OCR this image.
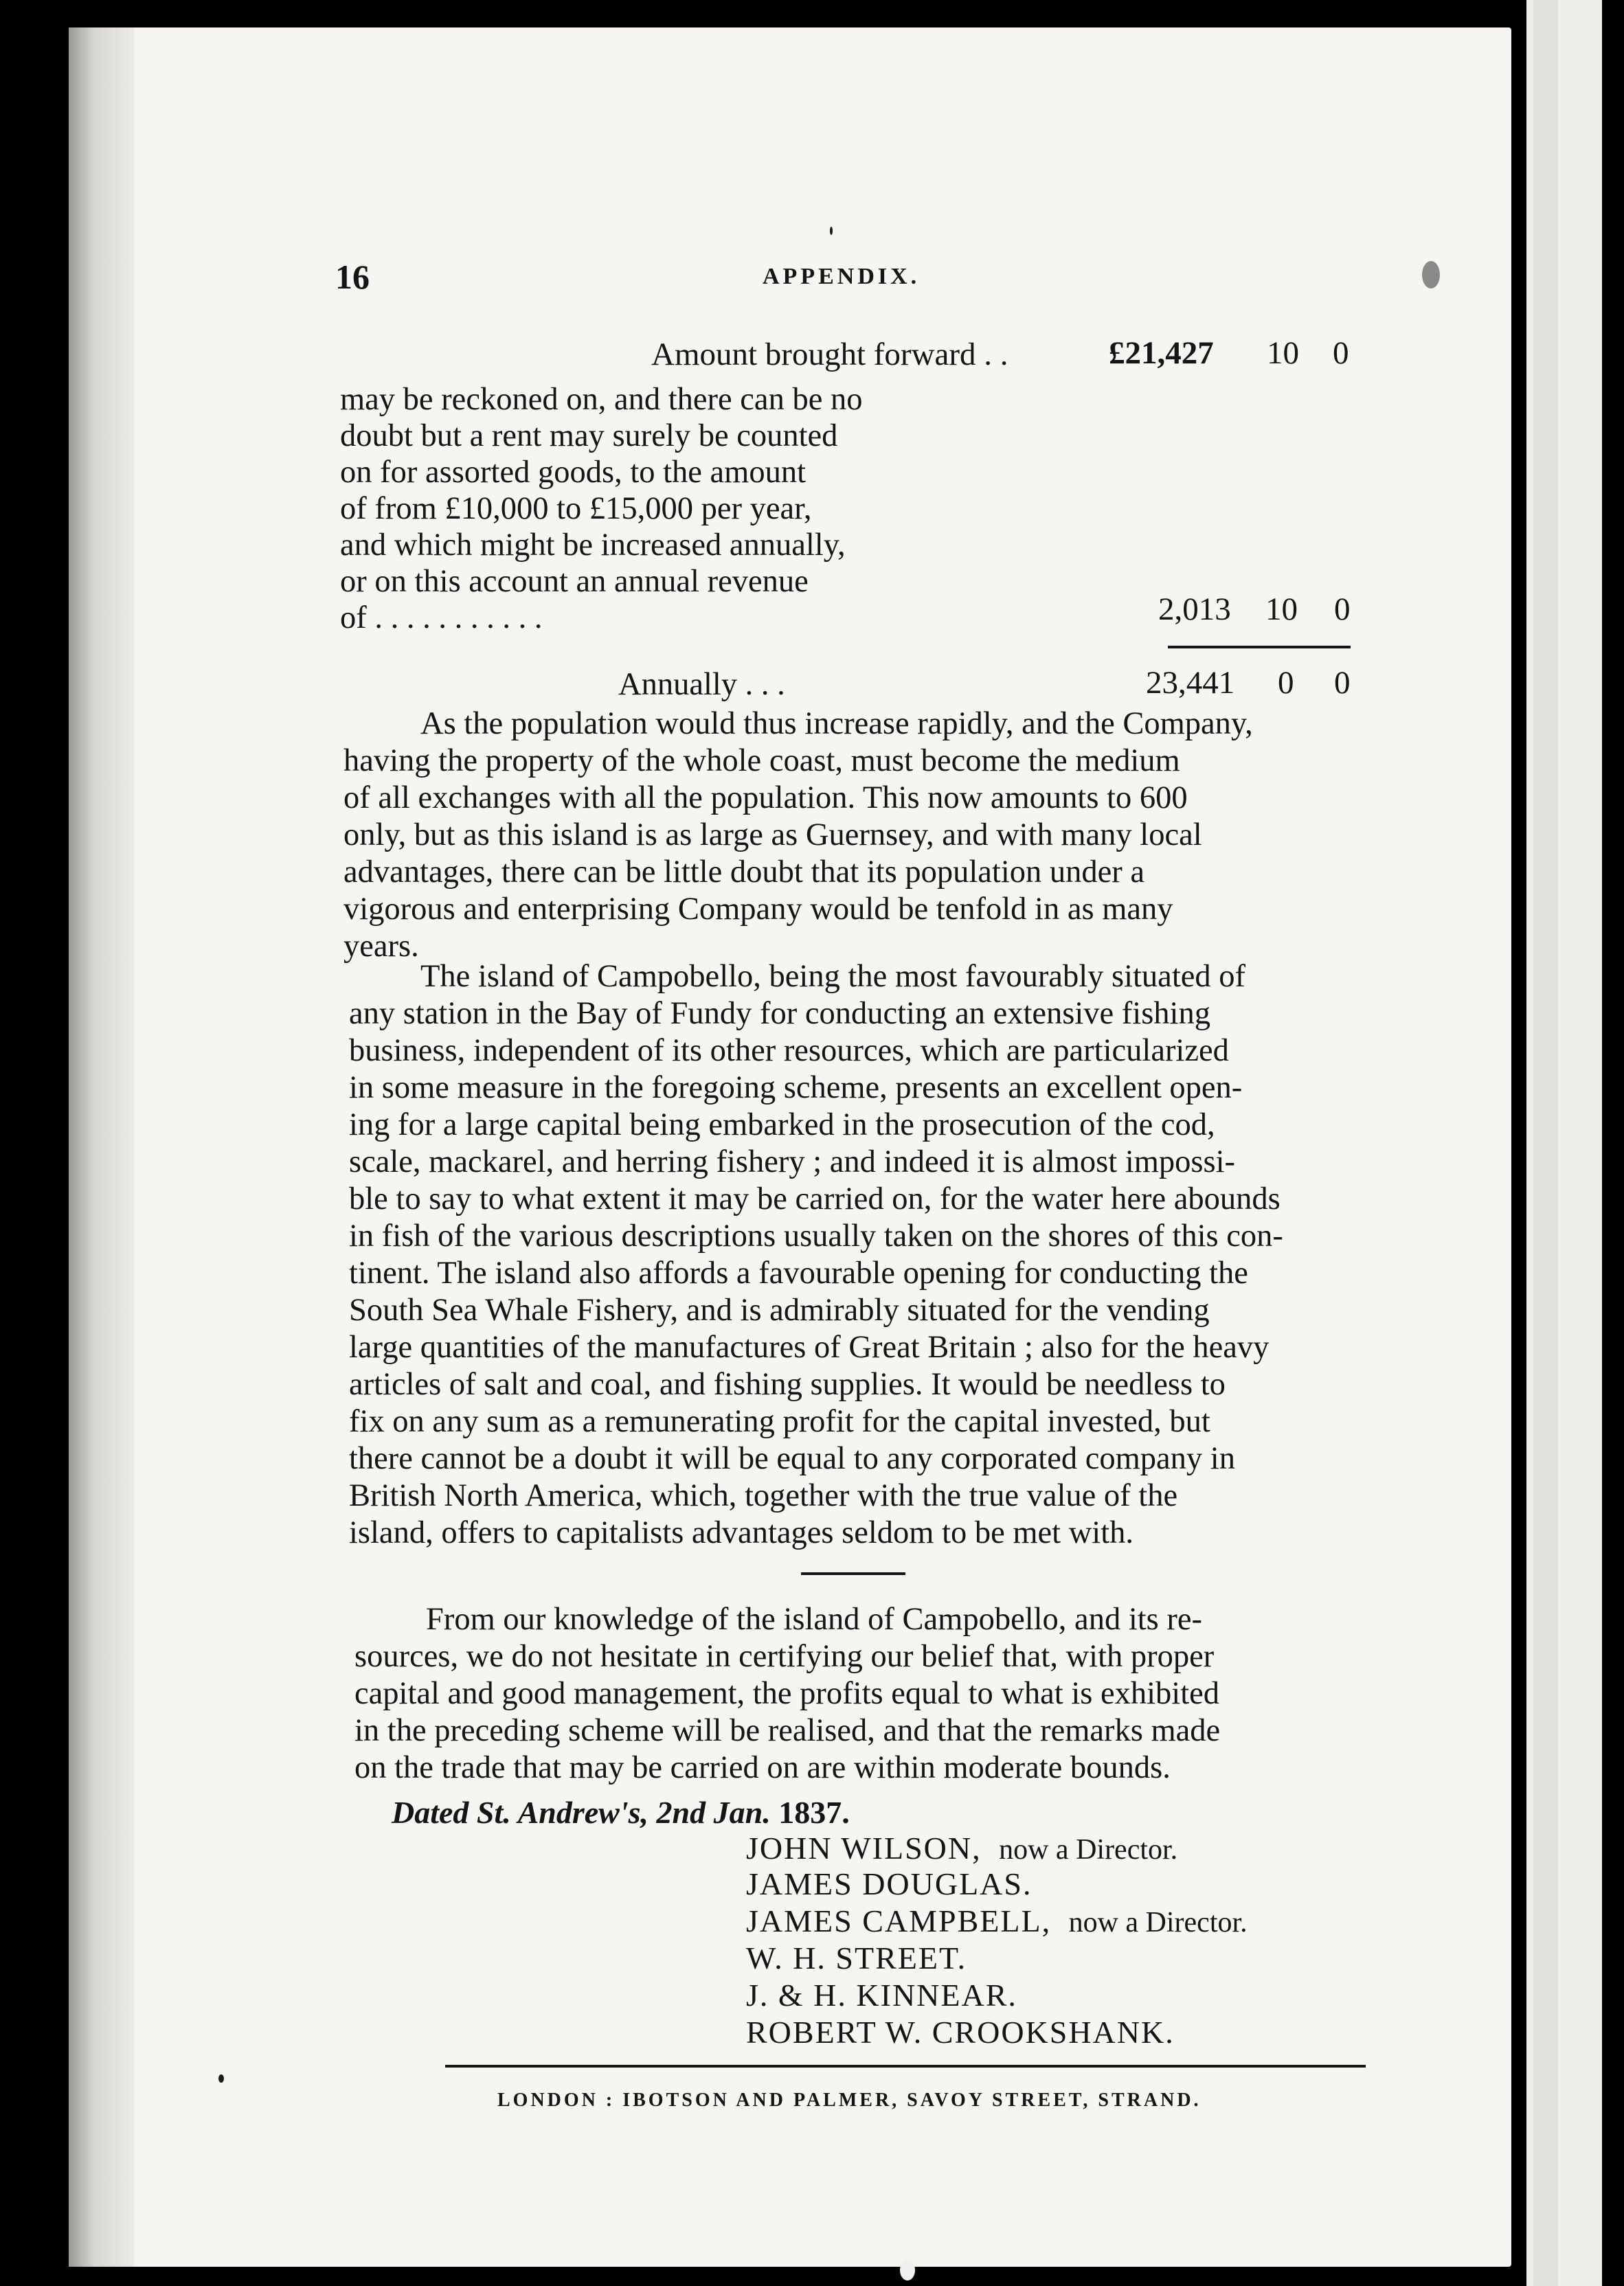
16	APPENDIX.
Amount brought forward . .	£21,427 10 0
may be reckoned on, and there can be no
doubt but a rent may surely be counted
on for assorted goods, to the amount
of from £10,000 to £15,000 per year,
and which might be increased annually,
or on this account an annual revenue
of . . . . . . . . . . .	2,013 10 0
Annually . . .	23,441 0 0
As the population would thus increase rapidly, and the Company,
having the property of the whole coast, must become the medium
of all exchanges with all the population. This now amounts to 600
only, but as this island is as large as Guernsey, and with many local
advantages, there can be little doubt that its population under a
vigorous and enterprising Company would be tenfold in as many
years.
The island of Campobello, being the most favourably situated of
any station in the Bay of Fundy for conducting an extensive fishing
business, independent of its other resources, which are particularized
in some measure in the foregoing scheme, presents an excellent open-
ing for a large capital being embarked in the prosecution of the cod,
scale, mackarel, and herring fishery ; and indeed it is almost impossi-
ble to say to what extent it may be carried on, for the water here abounds
in fish of the various descriptions usually taken on the shores of this con-
tinent. The island also affords a favourable opening for conducting the
South Sea Whale Fishery, and is admirably situated for the vending
large quantities of the manufactures of Great Britain ; also for the heavy
articles of salt and coal, and fishing supplies. It would be needless to
fix on any sum as a remunerating profit for the capital invested, but
there cannot be a doubt it will be equal to any corporated company in
British North America, which, together with the true value of the
island, offers to capitalists advantages seldom to be met with.
From our knowledge of the island of Campobello, and its re-
sources, we do not hesitate in certifying our belief that, with proper
capital and good management, the profits equal to what is exhibited
in the preceding scheme will be realised, and that the remarks made
on the trade that may be carried on are within moderate bounds.
Dated St. Andrew's, 2nd Jan. 1837.
JOHN WILSON, now a Director.
JAMES DOUGLAS.
JAMES CAMPBELL, now a Director.
W. H. STREET.
J. & H. KINNEAR.
ROBERT W. CROOKSHANK.
LONDON : IBOTSON AND PALMER, SAVOY STREET, STRAND.
